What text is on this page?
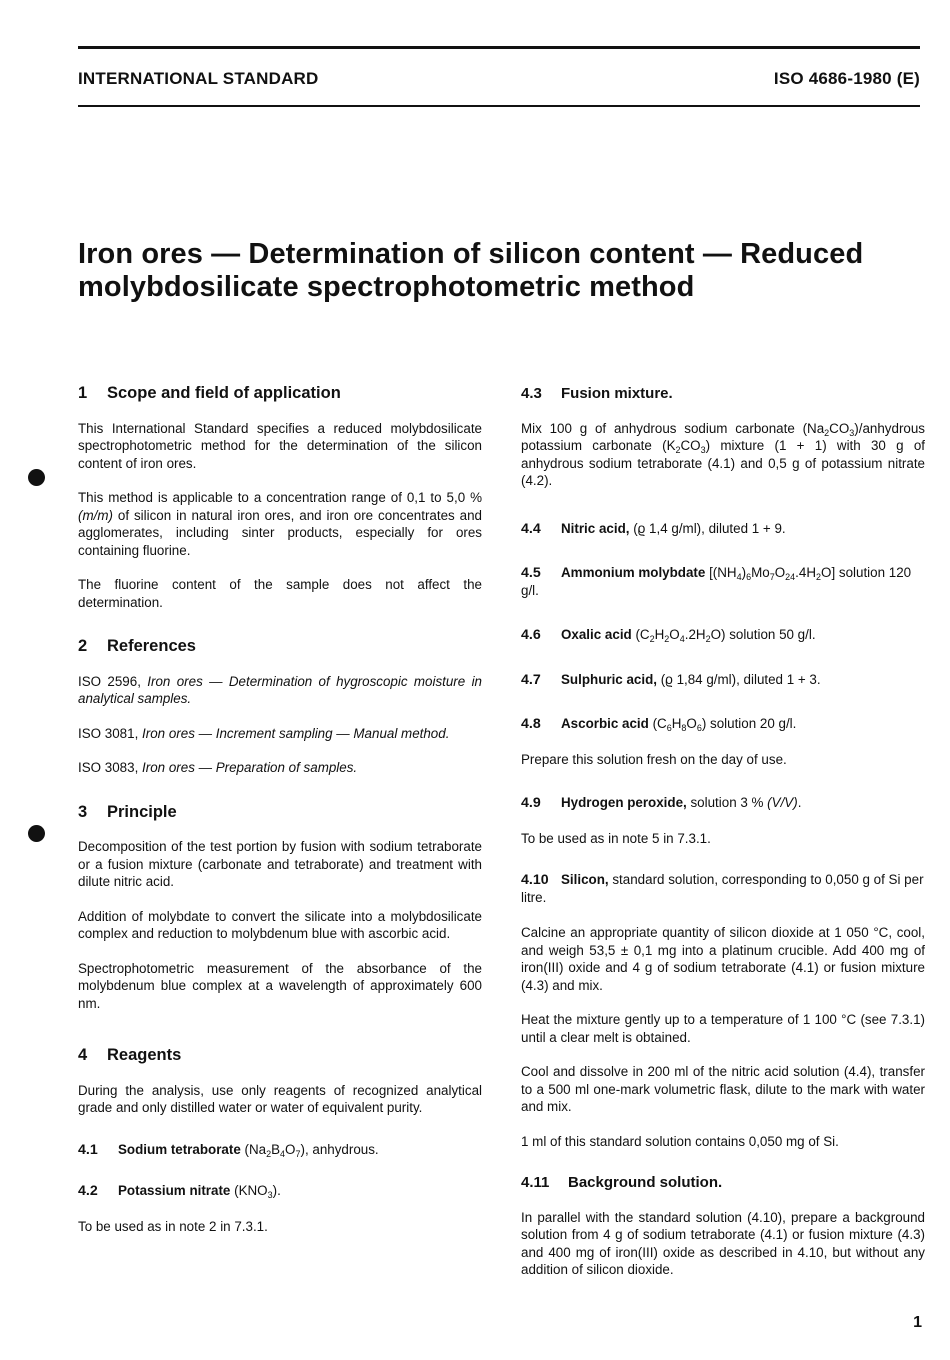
INTERNATIONAL STANDARD	ISO 4686-1980 (E)
Iron ores — Determination of silicon content — Reduced
molybdosilicate spectrophotometric method
1 Scope and field of application

This International Standard specifies a reduced molybdosilicate spectrophotometric method for the determination of the silicon content of iron ores.

This method is applicable to a concentration range of 0,1 to 5,0 % (m/m) of silicon in natural iron ores, and iron ore concentrates and agglomerates, including sinter products, especially for ores containing fluorine.

The fluorine content of the sample does not affect the determination.

2 References

ISO 2596, Iron ores — Determination of hygroscopic moisture in analytical samples.

ISO 3081, Iron ores — Increment sampling — Manual method.

ISO 3083, Iron ores — Preparation of samples.

3 Principle

Decomposition of the test portion by fusion with sodium tetraborate or a fusion mixture (carbonate and tetraborate) and treatment with dilute nitric acid.

Addition of molybdate to convert the silicate into a molybdosilicate complex and reduction to molybdenum blue with ascorbic acid.

Spectrophotometric measurement of the absorbance of the molybdenum blue complex at a wavelength of approximately 600 nm.

4 Reagents

During the analysis, use only reagents of recognized analytical grade and only distilled water or water of equivalent purity.

4.1 Sodium tetraborate $(Na_2B_4O_7)$, anhydrous.
4.2 Potassium nitrate $(KNO_3)$.

To be used as in note 2 in 7.3.1.

4.3 Fusion mixture.

Mix 100 g of anhydrous sodium carbonate $(Na_2CO_3)$/anhydrous potassium carbonate $(K_2CO_3)$ mixture (1 + 1) with 30 g of anhydrous sodium tetraborate (4.1) and 0,5 g of potassium nitrate (4.2).

4.4 Nitric acid, (ϱ 1,4 g/ml), diluted 1 + 9.
4.5 Ammonium molybdate $[(NH_4)_6Mo_7O_{24}.4H_2O]$ solution 120 g/l.
4.6 Oxalic acid $(C_2H_2O_4.2H_2O)$ solution 50 g/l.
4.7 Sulphuric acid, (ϱ 1,84 g/ml), diluted 1 + 3.
4.8 Ascorbic acid $(C_6H_8O_6)$ solution 20 g/l.

Prepare this solution fresh on the day of use.

4.9 Hydrogen peroxide, solution 3 % (V/V).

To be used as in note 5 in 7.3.1.

4.10 Silicon, standard solution, corresponding to 0,050 g of Si per litre.

Calcine an appropriate quantity of silicon dioxide at 1 050 °C, cool, and weigh 53,5 ± 0,1 mg into a platinum crucible. Add 400 mg of iron(III) oxide and 4 g of sodium tetraborate (4.1) or fusion mixture (4.3) and mix.

Heat the mixture gently up to a temperature of 1 100 °C (see 7.3.1) until a clear melt is obtained.

Cool and dissolve in 200 ml of the nitric acid solution (4.4), transfer to a 500 ml one-mark volumetric flask, dilute to the mark with water and mix.

1 ml of this standard solution contains 0,050 mg of Si.

4.11 Background solution.

In parallel with the standard solution (4.10), prepare a background solution from 4 g of sodium tetraborate (4.1) or fusion mixture (4.3) and 400 mg of iron(III) oxide as described in 4.10, but without any addition of silicon dioxide.

1
